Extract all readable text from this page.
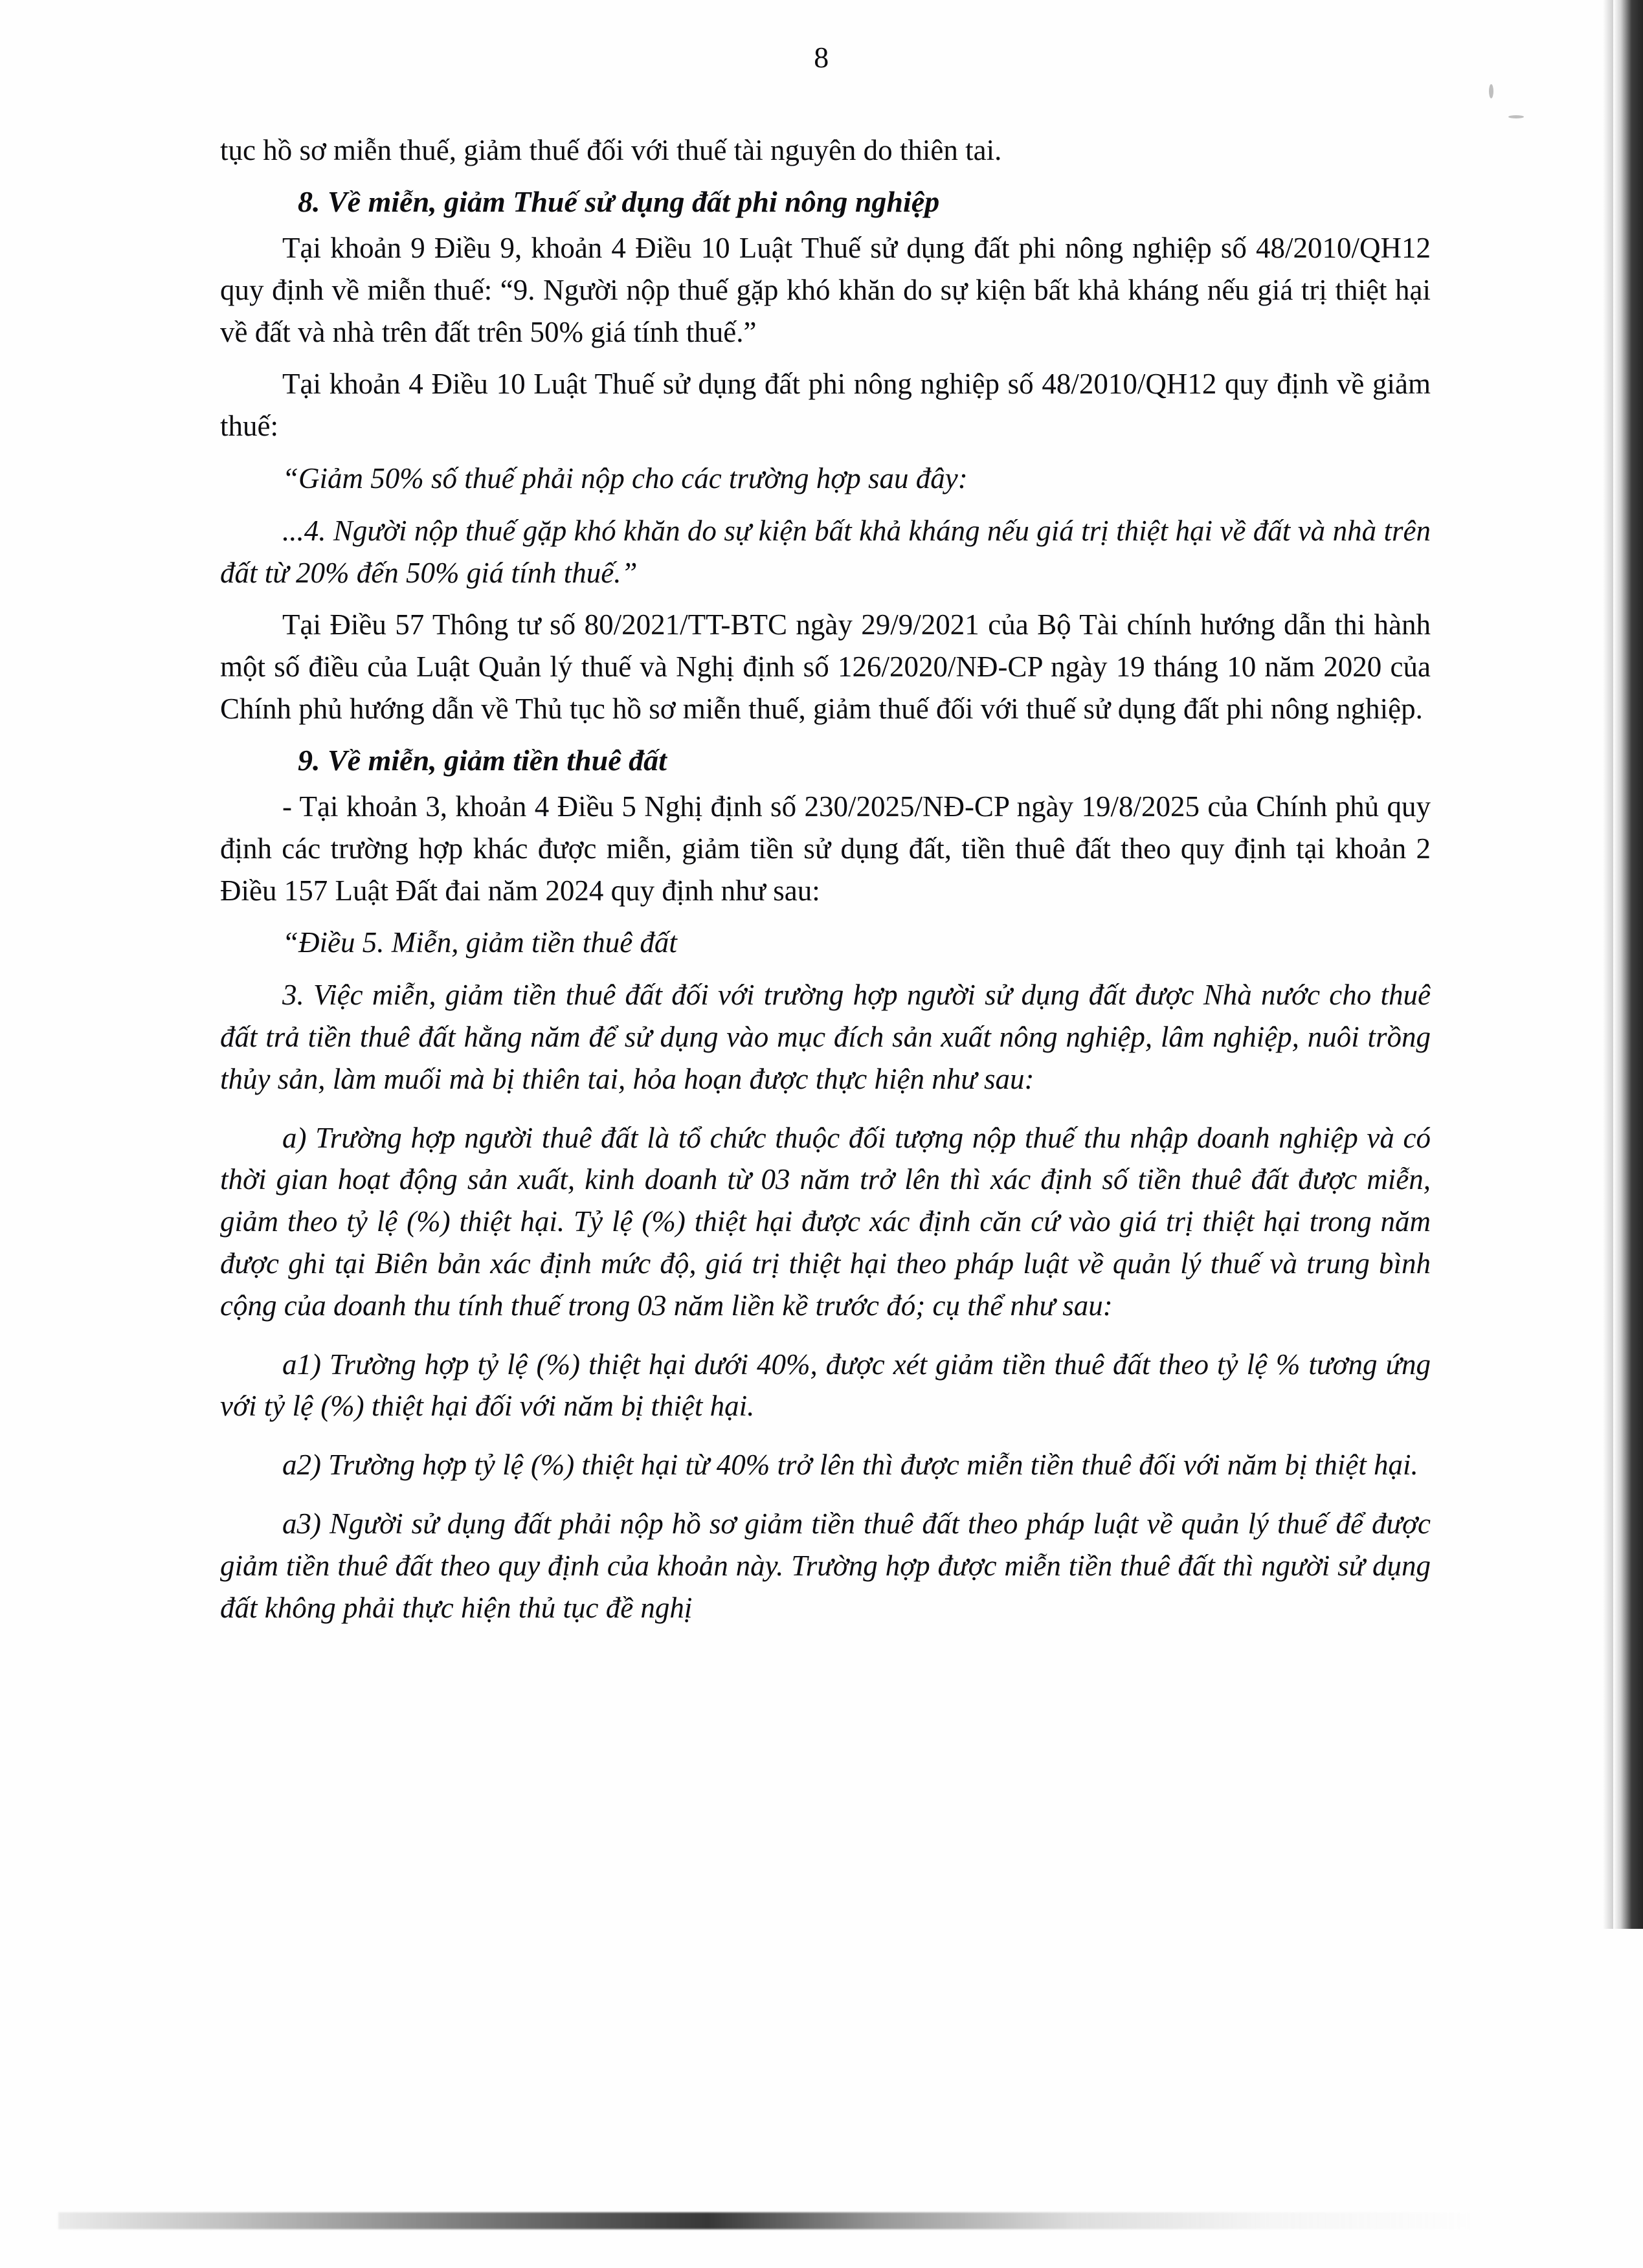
8

tục hồ sơ miễn thuế, giảm thuế đối với thuế tài nguyên do thiên tai.

8. Về miễn, giảm Thuế sử dụng đất phi nông nghiệp

Tại khoản 9 Điều 9, khoản 4 Điều 10 Luật Thuế sử dụng đất phi nông nghiệp số 48/2010/QH12 quy định về miễn thuế: “9. Người nộp thuế gặp khó khăn do sự kiện bất khả kháng nếu giá trị thiệt hại về đất và nhà trên đất trên 50% giá tính thuế.”

Tại khoản 4 Điều 10 Luật Thuế sử dụng đất phi nông nghiệp số 48/2010/QH12 quy định về giảm thuế:

“Giảm 50% số thuế phải nộp cho các trường hợp sau đây:

...4. Người nộp thuế gặp khó khăn do sự kiện bất khả kháng nếu giá trị thiệt hại về đất và nhà trên đất từ 20% đến 50% giá tính thuế.”

Tại Điều 57 Thông tư số 80/2021/TT-BTC ngày 29/9/2021 của Bộ Tài chính hướng dẫn thi hành một số điều của Luật Quản lý thuế và Nghị định số 126/2020/NĐ-CP ngày 19 tháng 10 năm 2020 của Chính phủ hướng dẫn về Thủ tục hồ sơ miễn thuế, giảm thuế đối với thuế sử dụng đất phi nông nghiệp.

9. Về miễn, giảm tiền thuê đất

- Tại khoản 3, khoản 4 Điều 5 Nghị định số 230/2025/NĐ-CP ngày 19/8/2025 của Chính phủ quy định các trường hợp khác được miễn, giảm tiền sử dụng đất, tiền thuê đất theo quy định tại khoản 2 Điều 157 Luật Đất đai năm 2024 quy định như sau:

“Điều 5. Miễn, giảm tiền thuê đất

3. Việc miễn, giảm tiền thuê đất đối với trường hợp người sử dụng đất được Nhà nước cho thuê đất trả tiền thuê đất hằng năm để sử dụng vào mục đích sản xuất nông nghiệp, lâm nghiệp, nuôi trồng thủy sản, làm muối mà bị thiên tai, hỏa hoạn được thực hiện như sau:

a) Trường hợp người thuê đất là tổ chức thuộc đối tượng nộp thuế thu nhập doanh nghiệp và có thời gian hoạt động sản xuất, kinh doanh từ 03 năm trở lên thì xác định số tiền thuê đất được miễn, giảm theo tỷ lệ (%) thiệt hại. Tỷ lệ (%) thiệt hại được xác định căn cứ vào giá trị thiệt hại trong năm được ghi tại Biên bản xác định mức độ, giá trị thiệt hại theo pháp luật về quản lý thuế và trung bình cộng của doanh thu tính thuế trong 03 năm liền kề trước đó; cụ thể như sau:

a1) Trường hợp tỷ lệ (%) thiệt hại dưới 40%, được xét giảm tiền thuê đất theo tỷ lệ % tương ứng với tỷ lệ (%) thiệt hại đối với năm bị thiệt hại.

a2) Trường hợp tỷ lệ (%) thiệt hại từ 40% trở lên thì được miễn tiền thuê đối với năm bị thiệt hại.

a3) Người sử dụng đất phải nộp hồ sơ giảm tiền thuê đất theo pháp luật về quản lý thuế để được giảm tiền thuê đất theo quy định của khoản này. Trường hợp được miễn tiền thuê đất thì người sử dụng đất không phải thực hiện thủ tục đề nghị
